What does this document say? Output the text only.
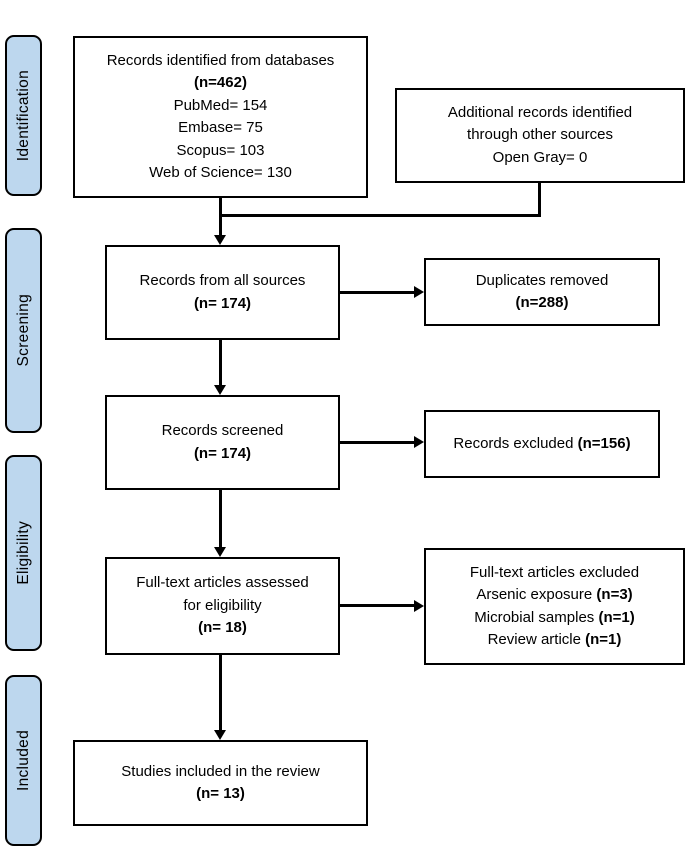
Identification
Screening
Eligibility
Included
Records identified from databases
(n=462)
PubMed= 154
Embase= 75
Scopus= 103
Web of Science= 130
Additional records identified
through other sources
Open Gray= 0
Records from all sources
(n= 174)
Duplicates removed
(n=288)
Records screened
(n= 174)
Records excluded (n=156)
Full-text articles assessed
for eligibility
(n= 18)
Full-text articles excluded
Arsenic exposure (n=3)
Microbial samples (n=1)
Review article (n=1)
Studies included in the review
(n= 13)
